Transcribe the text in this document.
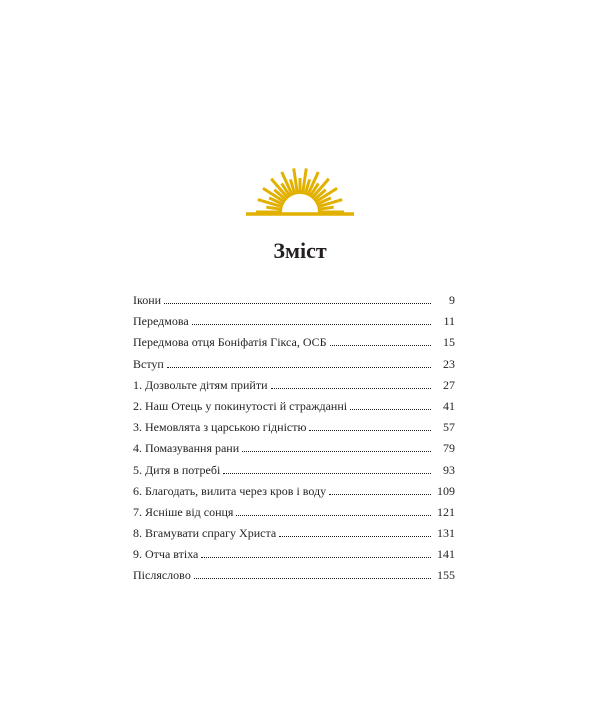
Зміст
Ікони	9
Передмова	11
Передмова отця Боніфатія Гікса, ОСБ	15
Вступ	23
1. Дозвольте дітям прийти	27
2. Наш Отець у покинутості й стражданні	41
3. Немовлята з царською гідністю	57
4. Помазування рани	79
5. Дитя в потребі	93
6. Благодать, вилита через кров і воду	109
7. Ясніше від сонця	121
8. Вгамувати спрагу Христа	131
9. Отча втіха	141
Післясловo	155
